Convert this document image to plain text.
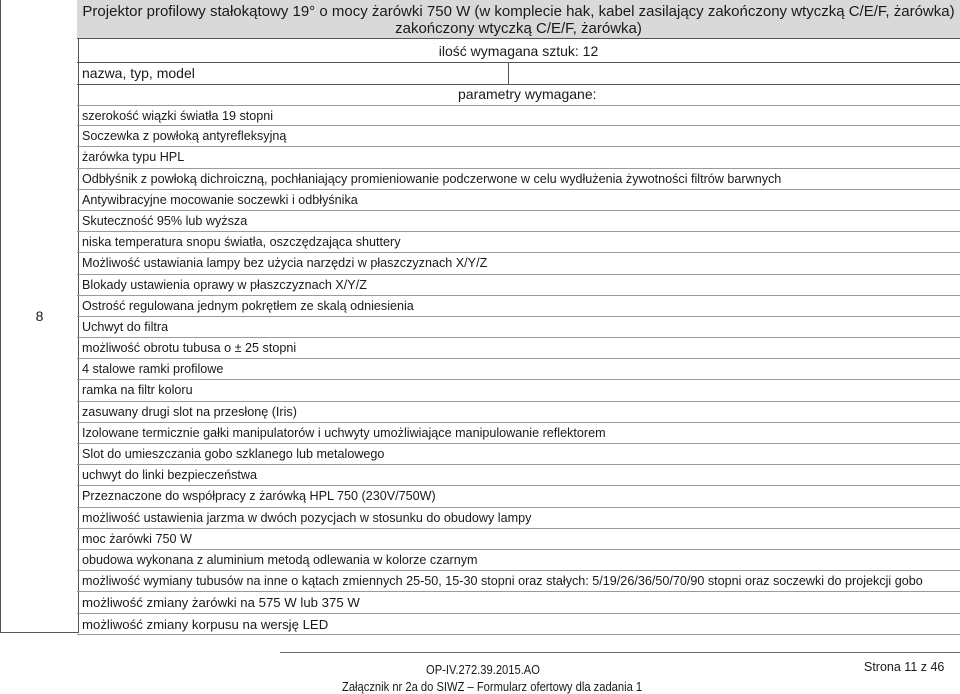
8
Projektor profilowy stałokątowy 19° o mocy żarówki 750 W (w komplecie hak, kabel zasilający zakończony wtyczką C/E/F, żarówka)
zakończony wtyczką C/E/F, żarówka)
ilość wymagana sztuk: 12
nazwa, typ, model
parametry wymagane:
szerokość wiązki światła 19 stopni
Soczewka z powłoką antyrefleksyjną
żarówka typu HPL
Odbłyśnik z powłoką dichroiczną, pochłaniający promieniowanie podczerwone w celu wydłużenia żywotności filtrów barwnych
Antywibracyjne mocowanie soczewki i odbłyśnika
Skuteczność 95% lub wyższa
niska temperatura snopu światła, oszczędzająca shuttery
Możliwość ustawiania lampy bez użycia narzędzi w płaszczyznach X/Y/Z
Blokady ustawienia oprawy w płaszczyznach X/Y/Z
Ostrość regulowana jednym pokrętłem ze skalą odniesienia
Uchwyt do filtra
możliwość obrotu tubusa o ± 25 stopni
4 stalowe ramki profilowe
ramka na filtr koloru
zasuwany drugi slot na przesłonę (Iris)
Izolowane termicznie gałki manipulatorów i uchwyty umożliwiające manipulowanie reflektorem
Slot do umieszczania gobo szklanego lub metalowego
uchwyt do linki bezpieczeństwa
Przeznaczone do współpracy z żarówką HPL 750 (230V/750W)
możliwość ustawienia jarzma w dwóch pozycjach w stosunku do obudowy lampy
moc żarówki 750 W
obudowa wykonana z aluminium metodą odlewania w kolorze czarnym
możliwość wymiany tubusów na inne o kątach zmiennych 25-50, 15-30 stopni oraz stałych: 5/19/26/36/50/70/90 stopni oraz soczewki do projekcji gobo
możliwość zmiany żarówki na 575 W lub 375 W
możliwość zmiany korpusu na wersję LED
OP-IV.272.39.2015.AO
Załącznik nr 2a do SIWZ – Formularz ofertowy dla zadania 1
Strona 11 z 46
